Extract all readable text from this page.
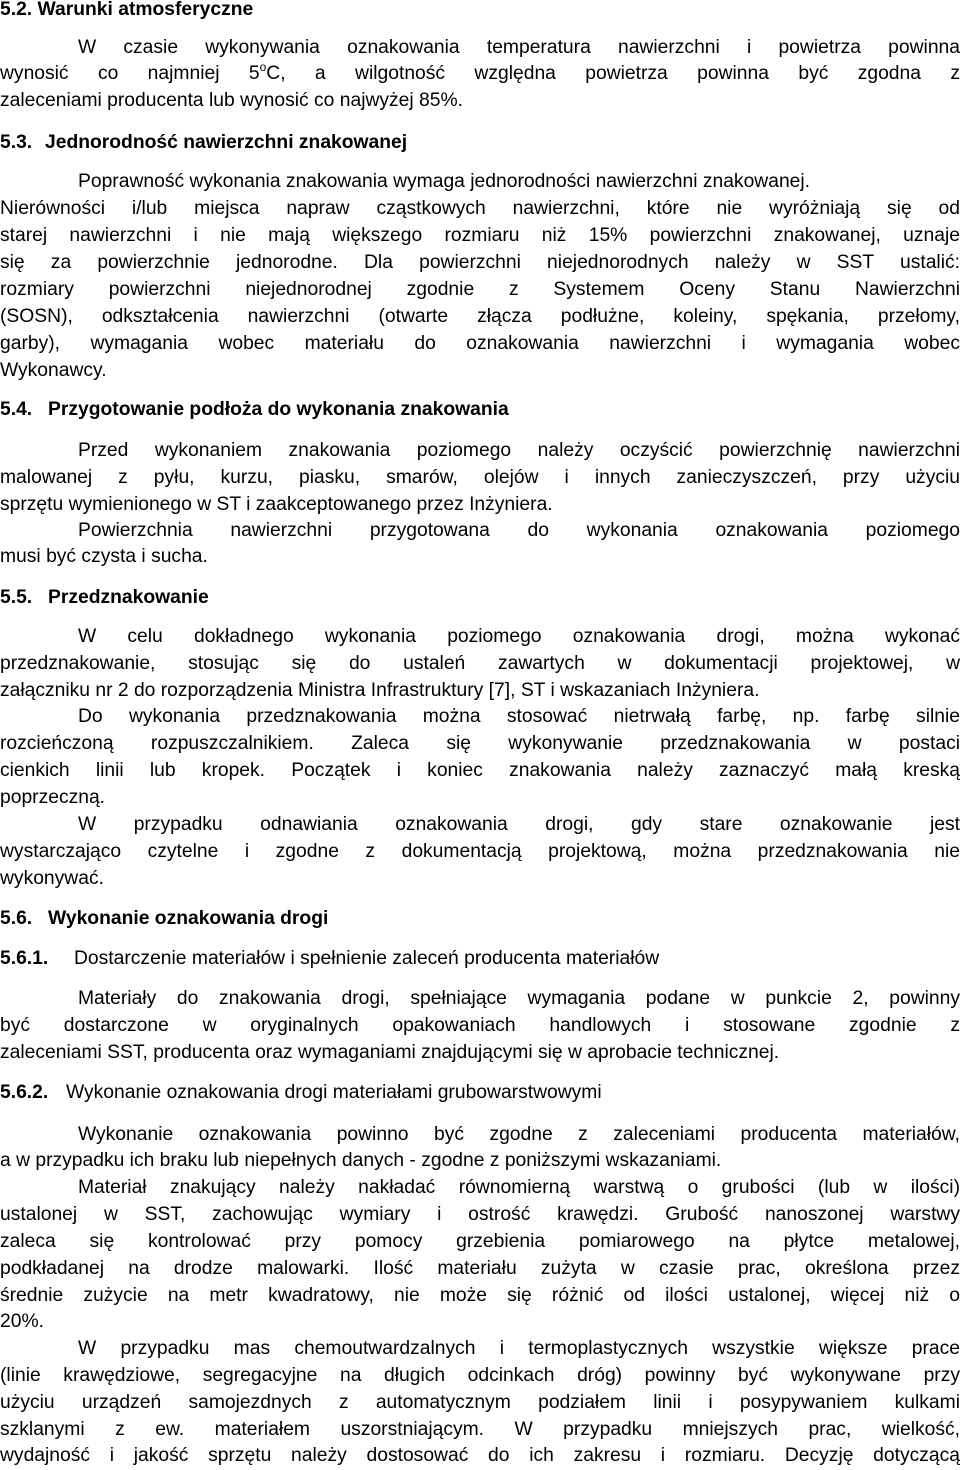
5.2. Warunki atmosferyczne
W czasie wykonywania oznakowania temperatura nawierzchni i powietrza powinna
wynosić co najmniej 5$^o$C, a wilgotność względna powietrza powinna być zgodna z
zaleceniami producenta lub wynosić co najwyżej 85%.
5.3. Jednorodność nawierzchni znakowanej
Poprawność wykonania znakowania wymaga jednorodności nawierzchni znakowanej.
Nierówności i/lub miejsca napraw cząstkowych nawierzchni, które nie wyróżniają się od
starej nawierzchni i nie mają większego rozmiaru niż 15% powierzchni znakowanej, uznaje
się za powierzchnie jednorodne. Dla powierzchni niejednorodnych należy w SST ustalić:
rozmiary powierzchni niejednorodnej zgodnie z Systemem Oceny Stanu Nawierzchni
(SOSN), odkształcenia nawierzchni (otwarte złącza podłużne, koleiny, spękania, przełomy,
garby), wymagania wobec materiału do oznakowania nawierzchni i wymagania wobec
Wykonawcy.
5.4. Przygotowanie podłoża do wykonania znakowania
Przed wykonaniem znakowania poziomego należy oczyścić powierzchnię nawierzchni
malowanej z pyłu, kurzu, piasku, smarów, olejów i innych zanieczyszczeń, przy użyciu
sprzętu wymienionego w ST i zaakceptowanego przez Inżyniera.
Powierzchnia nawierzchni przygotowana do wykonania oznakowania poziomego
musi być czysta i sucha.
5.5. Przedznakowanie
W celu dokładnego wykonania poziomego oznakowania drogi, można wykonać
przedznakowanie, stosując się do ustaleń zawartych w dokumentacji projektowej, w
załączniku nr 2 do rozporządzenia Ministra Infrastruktury [7], ST i wskazaniach Inżyniera.
Do wykonania przedznakowania można stosować nietrwałą farbę, np. farbę silnie
rozcieńczoną rozpuszczalnikiem. Zaleca się wykonywanie przedznakowania w postaci
cienkich linii lub kropek. Początek i koniec znakowania należy zaznaczyć małą kreską
poprzeczną.
W przypadku odnawiania oznakowania drogi, gdy stare oznakowanie jest
wystarczająco czytelne i zgodne z dokumentacją projektową, można przedznakowania nie
wykonywać.
5.6. Wykonanie oznakowania drogi
5.6.1. Dostarczenie materiałów i spełnienie zaleceń producenta materiałów
Materiały do znakowania drogi, spełniające wymagania podane w punkcie 2, powinny
być dostarczone w oryginalnych opakowaniach handlowych i stosowane zgodnie z
zaleceniami SST, producenta oraz wymaganiami znajdującymi się w aprobacie technicznej.
5.6.2. Wykonanie oznakowania drogi materiałami grubowarstwowymi
Wykonanie oznakowania powinno być zgodne z zaleceniami producenta materiałów,
a w przypadku ich braku lub niepełnych danych - zgodne z poniższymi wskazaniami.
Materiał znakujący należy nakładać równomierną warstwą o grubości (lub w ilości)
ustalonej w SST, zachowując wymiary i ostrość krawędzi. Grubość nanoszonej warstwy
zaleca się kontrolować przy pomocy grzebienia pomiarowego na płytce metalowej,
podkładanej na drodze malowarki. Ilość materiału zużyta w czasie prac, określona przez
średnie zużycie na metr kwadratowy, nie może się różnić od ilości ustalonej, więcej niż o
20%.
W przypadku mas chemoutwardzalnych i termoplastycznych wszystkie większe prace
(linie krawędziowe, segregacyjne na długich odcinkach dróg) powinny być wykonywane przy
użyciu urządzeń samojezdnych z automatycznym podziałem linii i posypywaniem kulkami
szklanymi z ew. materiałem uszorstniającym. W przypadku mniejszych prac, wielkość,
wydajność i jakość sprzętu należy dostosować do ich zakresu i rozmiaru. Decyzję dotyczącą
